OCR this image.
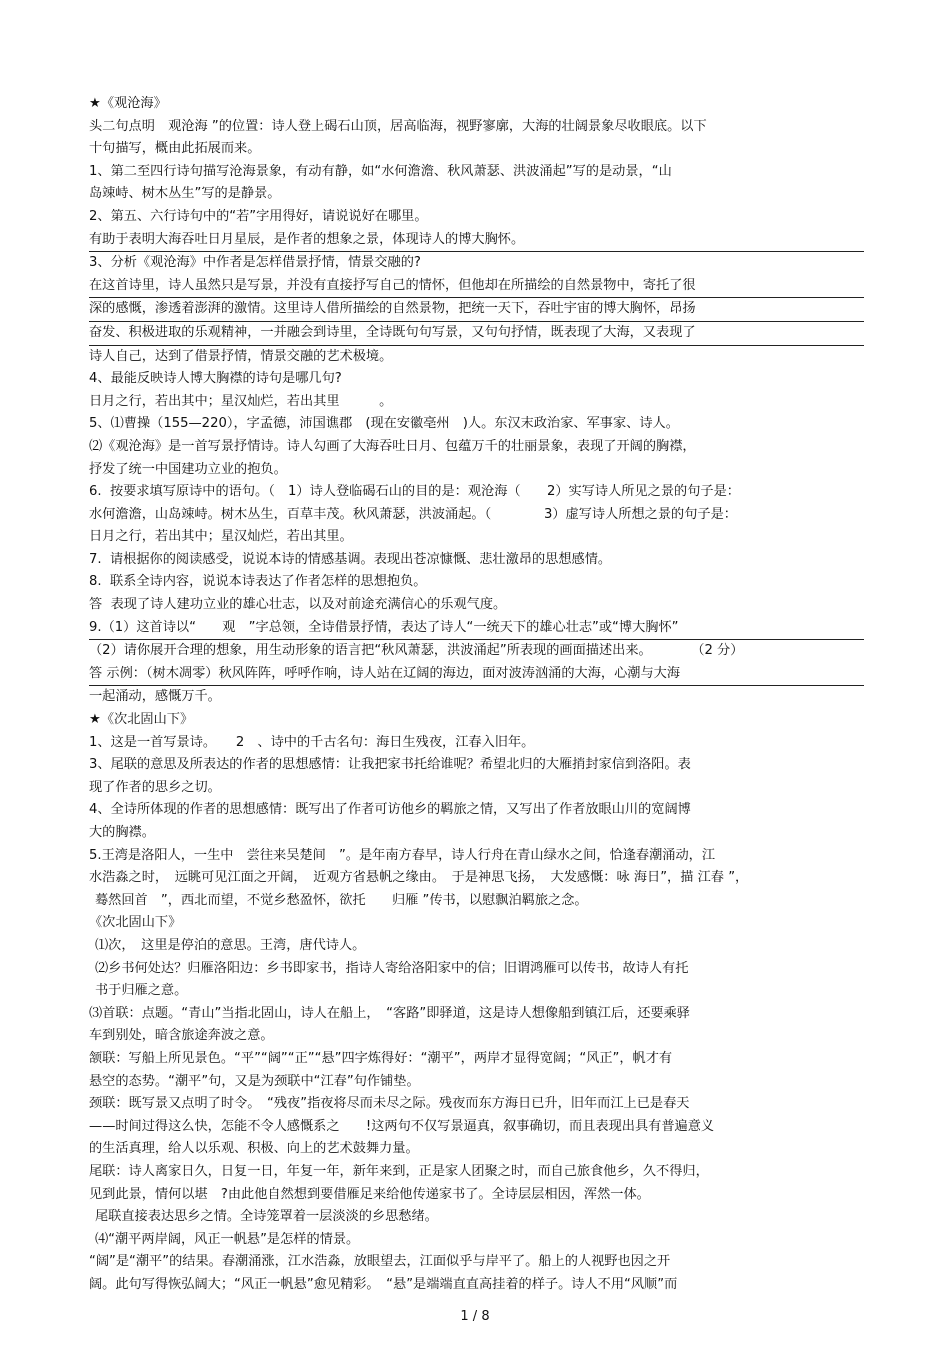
★《观沧海》
头二句点明　观沧海 ”的位置：诗人登上碣石山顶，居高临海，视野寥廓，大海的壮阔景象尽收眼底。以下
十句描写，概由此拓展而来。
1、第二至四行诗句描写沧海景象，有动有静，如“水何澹澹、秋风萧瑟、洪波涌起”写的是动景，“山
岛竦峙、树木丛生”写的是静景。
2、第五、六行诗句中的“若”字用得好，请说说好在哪里。
有助于表明大海吞吐日月星辰，是作者的想象之景，体现诗人的博大胸怀。
3、分析《观沧海》中作者是怎样借景抒情，情景交融的?
在这首诗里，诗人虽然只是写景，并没有直接抒写自己的情怀，但他却在所描绘的自然景物中，寄托了很
深的感慨，渗透着澎湃的激情。这里诗人借所描绘的自然景物，把统一天下，吞吐宇宙的博大胸怀，昂扬
奋发、积极进取的乐观精神，一并融会到诗里，全诗既句句写景，又句句抒情，既表现了大海，又表现了
诗人自己，达到了借景抒情，情景交融的艺术极境。
4、最能反映诗人博大胸襟的诗句是哪几句?
日月之行，若出其中；星汉灿烂，若出其里　　　。
5、⑴曹操（155—220），字孟德，沛国谯郡　(现在安徽亳州　)人。东汉末政治家、军事家、诗人。
⑵《观沧海》是一首写景抒情诗。诗人勾画了大海吞吐日月、包蕴万千的壮丽景象，表现了开阔的胸襟，
抒发了统一中国建功立业的抱负。
6.  按要求填写原诗中的语句。（　1）诗人登临碣石山的目的是：观沧海（　　2）实写诗人所见之景的句子是：
水何澹澹，山岛竦峙。树木丛生，百草丰茂。秋风萧瑟，洪波涌起。（　　　　3）虚写诗人所想之景的句子是：
日月之行，若出其中；星汉灿烂，若出其里。
7.  请根据你的阅读感受，说说本诗的情感基调。表现出苍凉慷慨、悲壮激昂的思想感情。
8.  联系全诗内容，说说本诗表达了作者怎样的思想抱负。
答  表现了诗人建功立业的雄心壮志，以及对前途充满信心的乐观气度。
9.（1）这首诗以“　　观　”字总领，全诗借景抒情，表达了诗人“一统天下的雄心壮志”或“博大胸怀”
（2）请你展开合理的想象，用生动形象的语言把“秋风萧瑟，洪波涌起”所表现的画面描述出来。　　　　（2 分）
答 示例：（树木凋零）秋风阵阵，呼呼作响，诗人站在辽阔的海边，面对波涛汹涌的大海，心潮与大海
一起涌动，感慨万千。
★《次北固山下》
1、这是一首写景诗。　　2　、诗中的千古名句：海日生残夜，江春入旧年。
3、尾联的意思及所表达的作者的思想感情：让我把家书托给谁呢？希望北归的大雁捎封家信到洛阳。表
现了作者的思乡之切。
4、全诗所体现的作者的思想感情：既写出了作者可访他乡的羁旅之情，又写出了作者放眼山川的宽阔博
大的胸襟。
5.王湾是洛阳人，一生中　尝往来吴楚间　”。是年南方春早，诗人行舟在青山绿水之间，恰逢春潮涌动，江
水浩淼之时，　远眺可见江面之开阔，　近观方省悬帆之缘由。　于是神思飞扬，　大发感慨：咏 海日”，描 江春 ”，
蓦然回首　”，西北而望，不觉乡愁盈怀，欲托　　归雁 ”传书，以慰飘泊羁旅之念。
《次北固山下》
⑴次，　这里是停泊的意思。王湾，唐代诗人。
⑵乡书何处达？归雁洛阳边：乡书即家书，指诗人寄给洛阳家中的信；旧谓鸿雁可以传书，故诗人有托
书于归雁之意。
⑶首联：点题。“青山”当指北固山，诗人在船上，　“客路”即驿道，这是诗人想像船到镇江后，还要乘驿
车到别处，暗含旅途奔波之意。
颔联：写船上所见景色。“平”“阔”“正”“悬”四字炼得好：“潮平”，两岸才显得宽阔；“风正”，帆才有
悬空的态势。“潮平”句，又是为颈联中“江春”句作铺垫。
颈联：既写景又点明了时令。　“残夜”指夜将尽而未尽之际。残夜而东方海日已升，旧年而江上已是春天
——时间过得这么快，怎能不令人感慨系之　　!这两句不仅写景逼真，叙事确切，而且表现出具有普遍意义
的生活真理，给人以乐观、积极、向上的艺术鼓舞力量。
尾联：诗人离家日久，日复一日，年复一年，新年来到，正是家人团聚之时，而自己旅食他乡，久不得归，
见到此景，情何以堪　?由此他自然想到要借雁足来给他传递家书了。全诗层层相因，浑然一体。
尾联直接表达思乡之情。全诗笼罩着一层淡淡的乡思愁绪。
⑷“潮平两岸阔，风正一帆悬”是怎样的情景。
“阔”是“潮平”的结果。春潮涌涨，江水浩淼，放眼望去，江面似乎与岸平了。船上的人视野也因之开
阔。此句写得恢弘阔大；“风正一帆悬”愈见精彩。　“悬”是端端直直高挂着的样子。诗人不用“风顺”而
1 / 8
